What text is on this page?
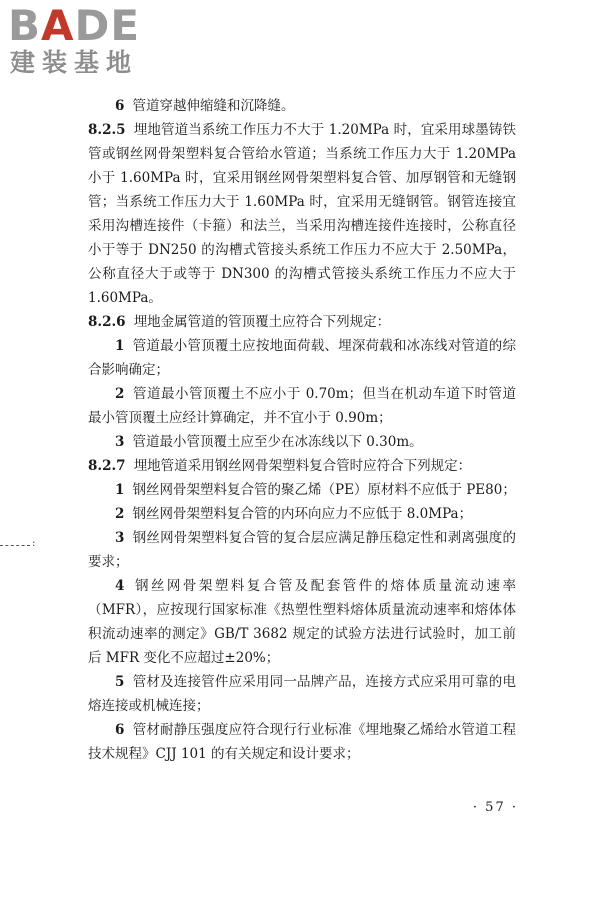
BADE
建装基地

6 管道穿越伸缩缝和沉降缝。

8.2.5 埋地管道当系统工作压力不大于 1.20MPa 时，宜采用球墨铸铁管或钢丝网骨架塑料复合管给水管道；当系统工作压力大于 1.20MPa 小于 1.60MPa 时，宜采用钢丝网骨架塑料复合管、加厚钢管和无缝钢管；当系统工作压力大于 1.60MPa 时，宜采用无缝钢管。钢管连接宜采用沟槽连接件（卡箍）和法兰，当采用沟槽连接件连接时，公称直径小于等于 DN250 的沟槽式管接头系统工作压力不应大于 2.50MPa，公称直径大于或等于 DN300 的沟槽式管接头系统工作压力不应大于 1.60MPa。

8.2.6 埋地金属管道的管顶覆土应符合下列规定：

1 管道最小管顶覆土应按地面荷载、埋深荷载和冰冻线对管道的综合影响确定；

2 管道最小管顶覆土不应小于 0.70m；但当在机动车道下时管道最小管顶覆土应经计算确定，并不宜小于 0.90m；

3 管道最小管顶覆土应至少在冰冻线以下 0.30m。

8.2.7 埋地管道采用钢丝网骨架塑料复合管时应符合下列规定：

1 钢丝网骨架塑料复合管的聚乙烯（PE）原材料不应低于 PE80；

2 钢丝网骨架塑料复合管的内环向应力不应低于 8.0MPa；

3 钢丝网骨架塑料复合管的复合层应满足静压稳定性和剥离强度的要求；

4 钢丝网骨架塑料复合管及配套管件的熔体质量流动速率（MFR），应按现行国家标准《热塑性塑料熔体质量流动速率和熔体体积流动速率的测定》GB/T 3682 规定的试验方法进行试验时，加工前后 MFR 变化不应超过±20%；

5 管材及连接管件应采用同一品牌产品，连接方式应采用可靠的电熔连接或机械连接；

6 管材耐静压强度应符合现行行业标准《埋地聚乙烯给水管道工程技术规程》CJJ 101 的有关规定和设计要求；

:
· 57 ·
